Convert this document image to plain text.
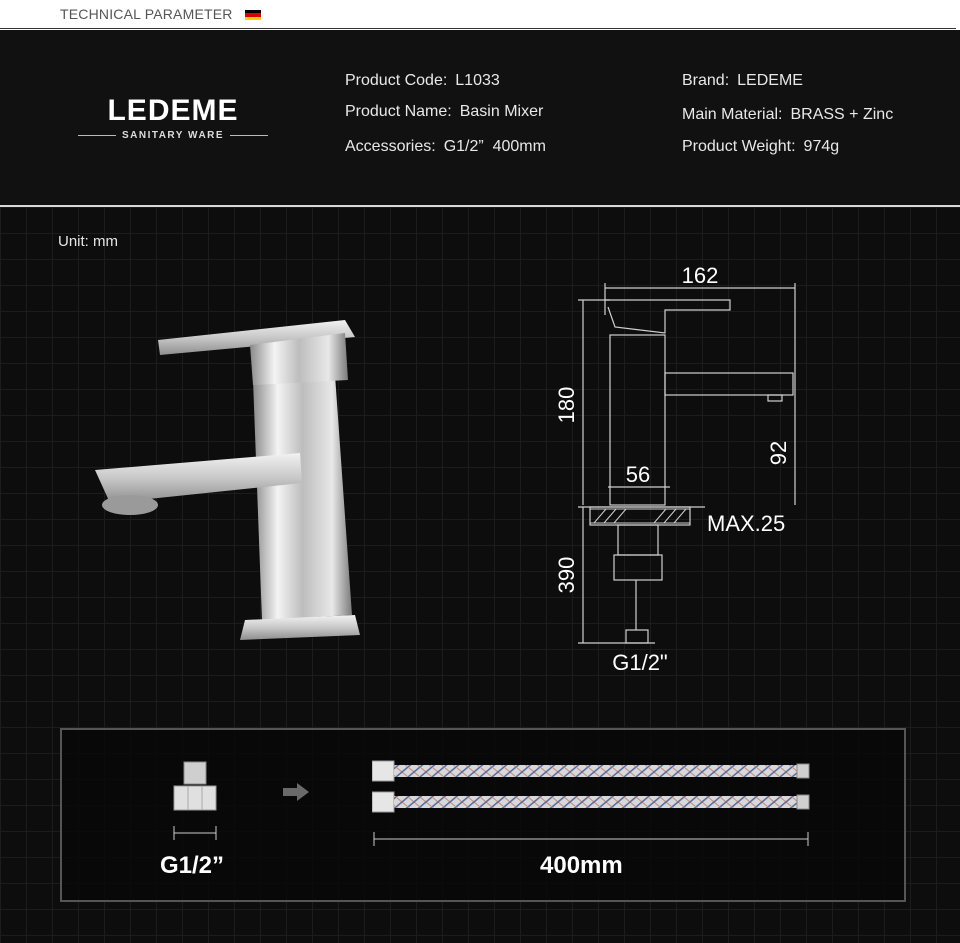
TECHNICAL PARAMETER
LEDEME
SANITARY WARE
Product Code: L1033
Product Name: Basin Mixer
Accessories: G1/2”  400mm
Brand: LEDEME
Main Material: BRASS + Zinc
Product Weight: 974g
Unit: mm
162
180
92
56
MAX.25
390
G1/2"
G1/2”	400mm
